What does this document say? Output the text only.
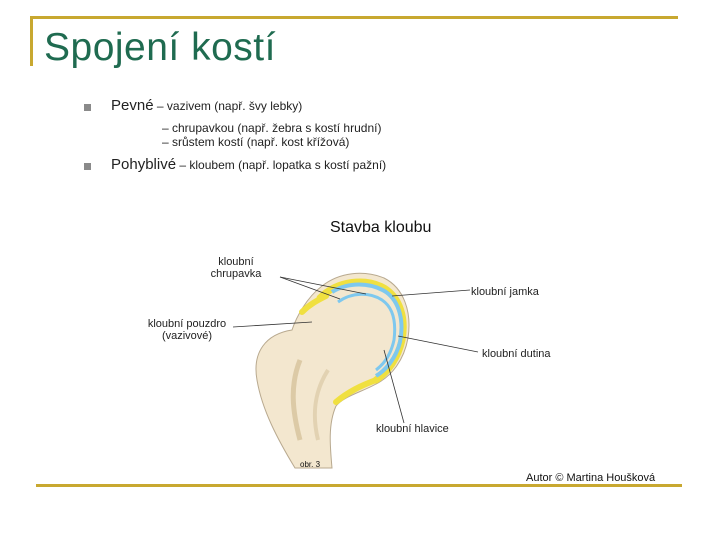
Spojení kostí
Pevné – vazivem (např. švy lebky)
– chrupavkou (např. žebra s kostí hrudní)
– srůstem kostí (např. kost křížová)
Pohyblivé – kloubem (např. lopatka s kostí pažní)
Stavba kloubu
kloubní
chrupavka
kloubní jamka
kloubní pouzdro
(vazivové)
kloubní dutina
kloubní hlavice
obr. 3
Autor © Martina Houšková
